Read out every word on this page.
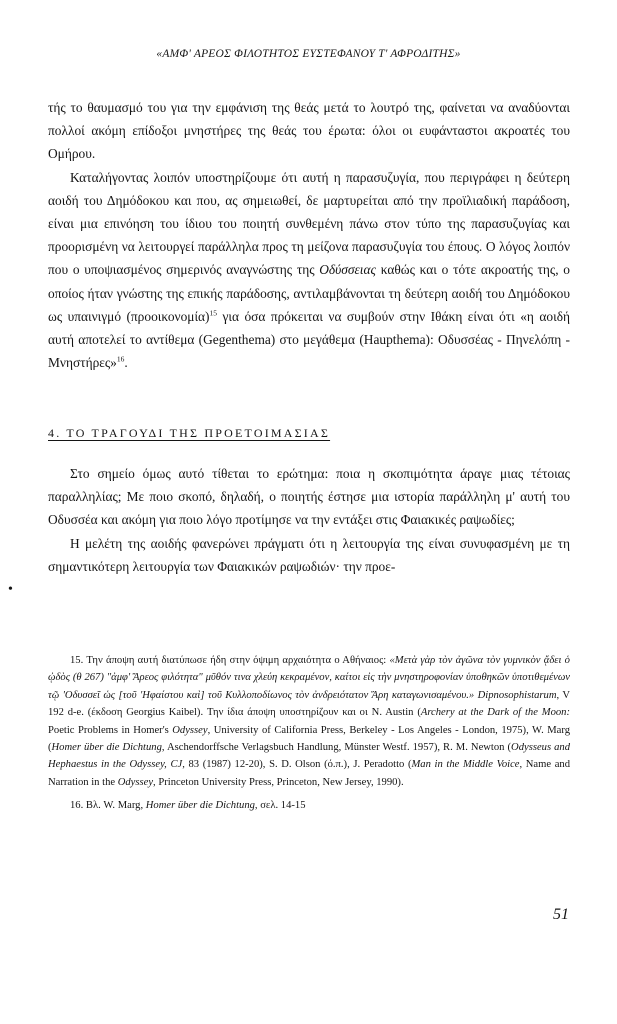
«ΑΜΦ' ΑΡΕΟΣ ΦΙΛΟΤΗΤΟΣ ΕΥΣΤΕΦΑΝΟΥ Τ' ΑΦΡΟΔΙΤΗΣ»

τής το θαυμασμό του για την εμφάνιση της θεάς μετά το λουτρό της, φαίνεται να αναδύονται πολλοί ακόμη επίδοξοι μνηστήρες της θεάς του έρωτα: όλοι οι ευφάνταστοι ακροατές του Ομήρου.

Καταλήγοντας λοιπόν υποστηρίζουμε ότι αυτή η παρασυζυγία, που περιγράφει η δεύτερη αοιδή του Δημόδοκου και που, ας σημειωθεί, δε μαρτυρείται από την προϊλιαδική παράδοση, είναι μια επινόηση του ίδιου του ποιητή συνθεμένη πάνω στον τύπο της παρασυζυγίας και προορισμένη να λειτουργεί παράλληλα προς τη μείζονα παρασυζυγία του έπους. Ο λόγος λοιπόν που ο υποψιασμένος σημερινός αναγνώστης της Οδύσσειας καθώς και ο τότε ακροατής της, ο οποίος ήταν γνώστης της επικής παράδοσης, αντιλαμβάνονται τη δεύτερη αοιδή του Δημόδοκου ως υπαινιγμό $(\pi\rho oo\iota\kappa o\nu o\mu ί\alpha)^{15}$ για όσα πρόκειται να συμβούν στην Ιθάκη είναι ότι «η αοιδή αυτή αποτελεί το αντίθεμα (Gegenthema) στο μεγάθεμα (Haupthema): Οδυσσέας - Πηνελόπη - Μνηστήρες»$^{16}$.

4. ΤΟ ΤΡΑΓΟΥΔΙ ΤΗΣ ΠΡΟΕΤΟΙΜΑΣΙΑΣ

Στο σημείο όμως αυτό τίθεται το ερώτημα: ποια η σκοπιμότητα άραγε μιας τέτοιας παραλληλίας; Με ποιο σκοπό, δηλαδή, ο ποιητής έστησε μια ιστορία παράλληλη μ' αυτή του Οδυσσέα και ακόμη για ποιο λόγο προτίμησε να την εντάξει στις Φαιακικές ραψωδίες;

Η μελέτη της αοιδής φανερώνει πράγματι ότι η λειτουργία της είναι συνυφασμένη με τη σημαντικότερη λειτουργία των Φαιακικών ραψωδιών· την προε-

•

15. Την άποψη αυτή διατύπωσε ήδη στην όψιμη αρχαιότητα ο Αθήναιος: «Μετὰ γὰρ τὸν ἀγῶνα τὸν γυμνικὸν ᾄδει ὁ ᾠδὸς (θ 267) "ἀμφ' Ἄρεος φιλότητα" μῦθόν τινα χλεύη κεκραμένον, καίτοι εἰς τὴν μνηστηροφονίαν ὑποθηκῶν ὑποτιθεμένων τῷ 'Οδυσσεῖ ὡς [τοῦ 'Ηφαίστου καὶ] τοῦ Κυλλοποδίωνος τὸν ἀνδρειότατον Ἄρη καταγωνισαμένου.» Dipnosophistarum, V 192 d-e. (έκδοση Georgius Kaibel). Την ίδια άποψη υποστηρίζουν και οι N. Austin (Archery at the Dark of the Moon: Poetic Problems in Homer's Odyssey, University of California Press, Berkeley - Los Angeles - London, 1975), W. Marg (Homer über die Dichtung, Aschendorffsche Verlagsbuch Handlung, Münster Westf. 1957), R. M. Newton (Odysseus and Hephaestus in the Odyssey, CJ, 83 (1987) 12-20), S. D. Olson (ό.π.), J. Peradotto (Man in the Middle Voice, Name and Narration in the Odyssey, Princeton University Press, Princeton, New Jersey, 1990).

16. Βλ. W. Marg, Homer über die Dichtung, σελ. 14-15

51
